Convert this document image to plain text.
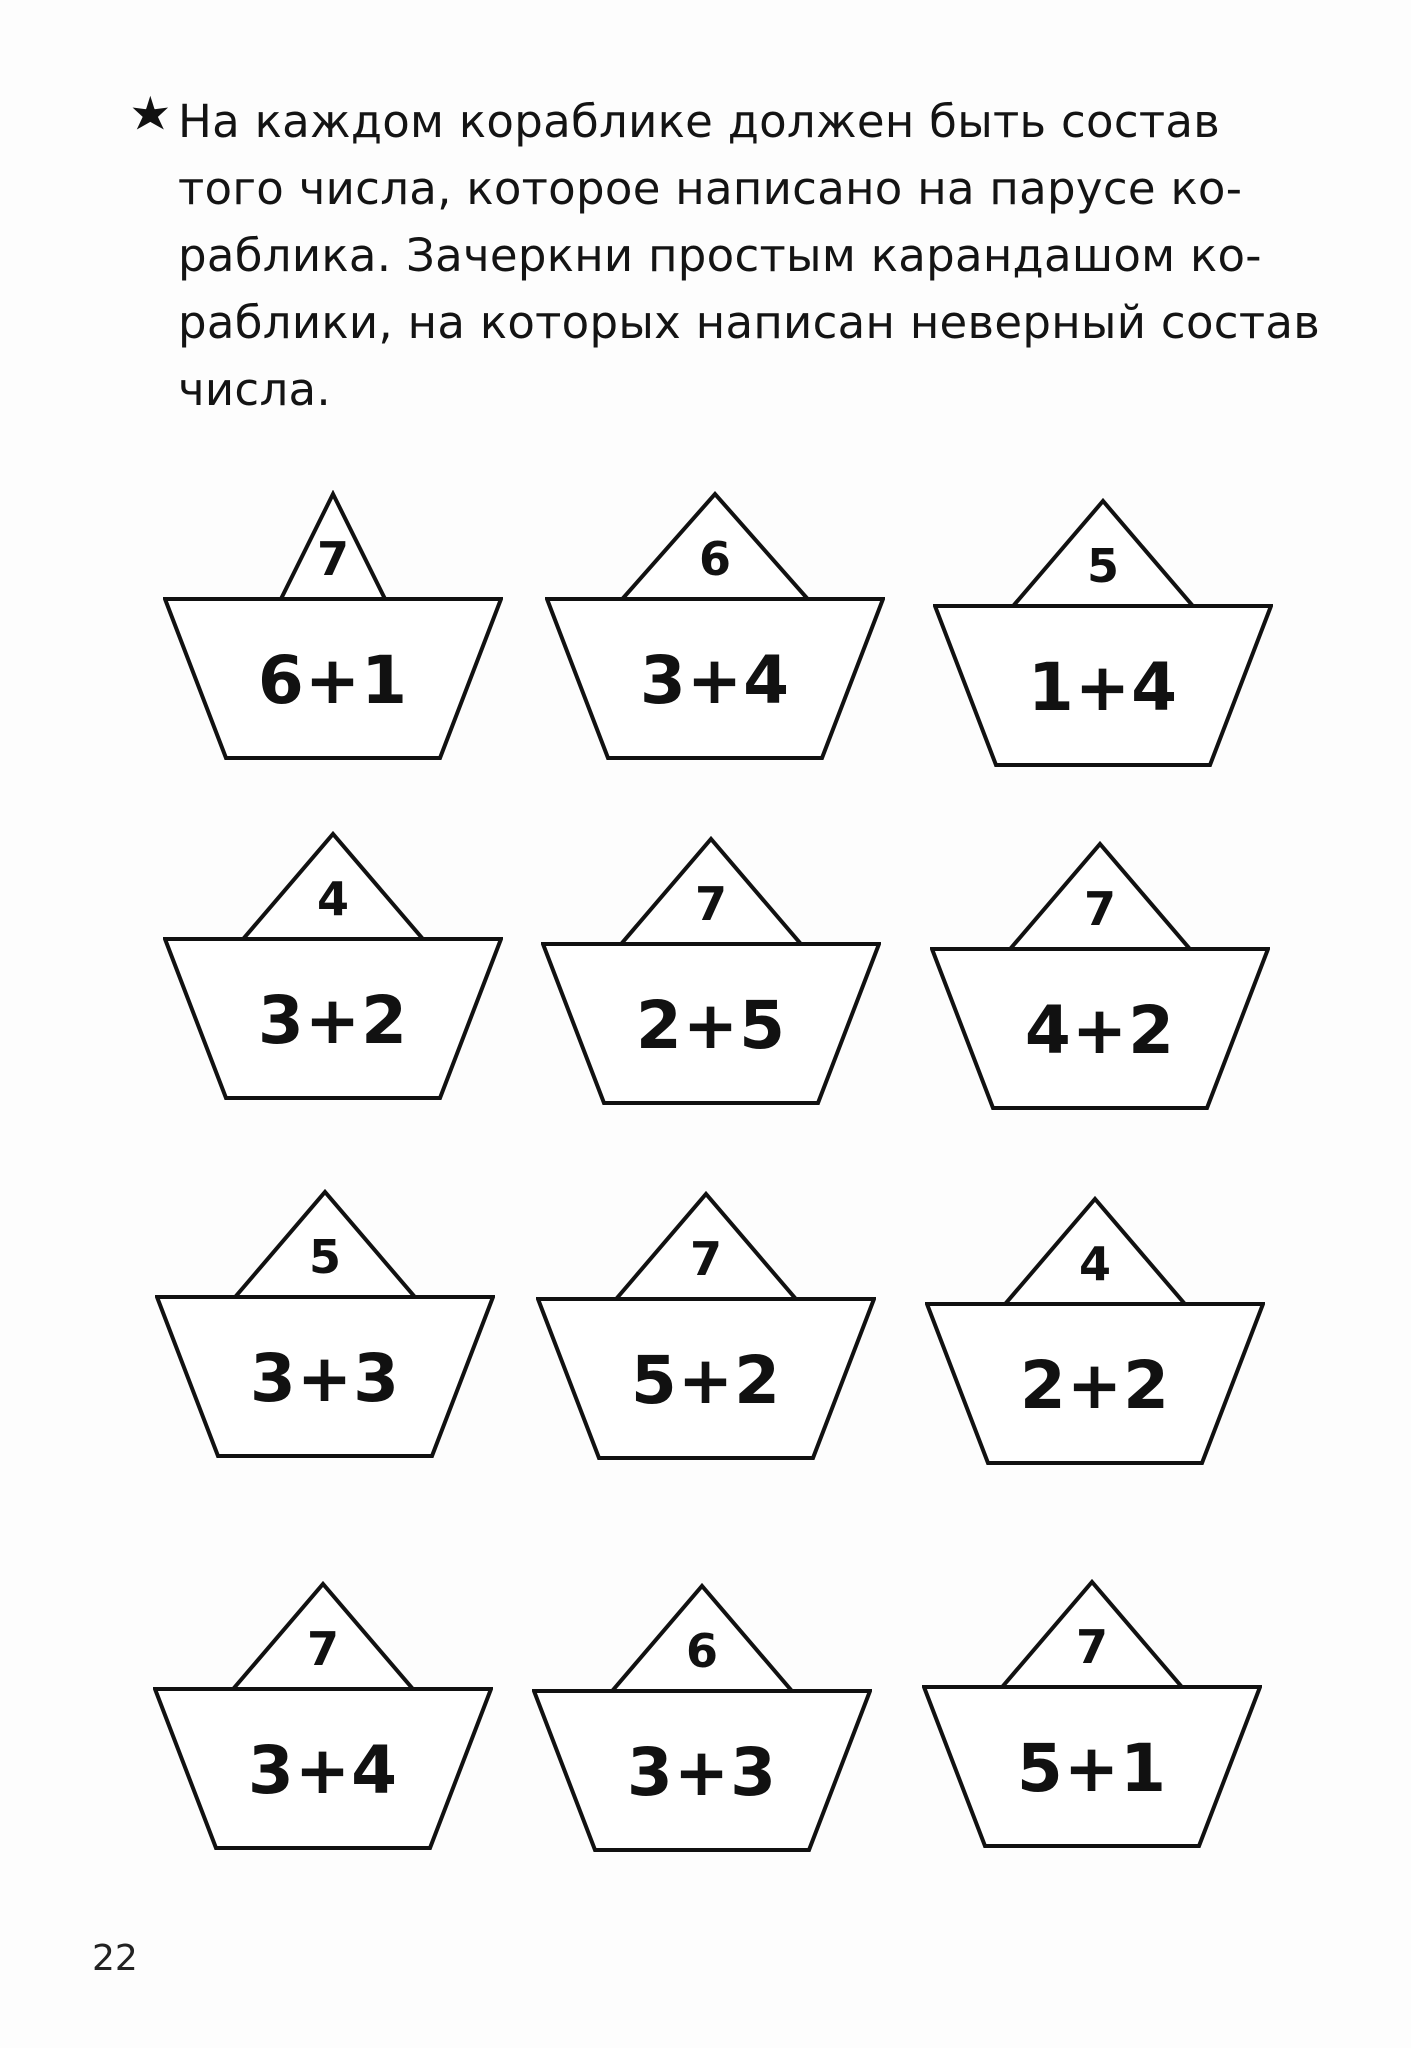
На каждом кораблике должен быть состав
того числа, которое написано на парусе ко-
раблика. Зачеркни простым карандашом ко-
раблики, на которых написан неверный состав
числа.
7
6+1
6
3+4
5
1+4
4
3+2
7
2+5
7
4+2
5
3+3
7
5+2
4
2+2
7
3+4
6
3+3
7
5+1
22
